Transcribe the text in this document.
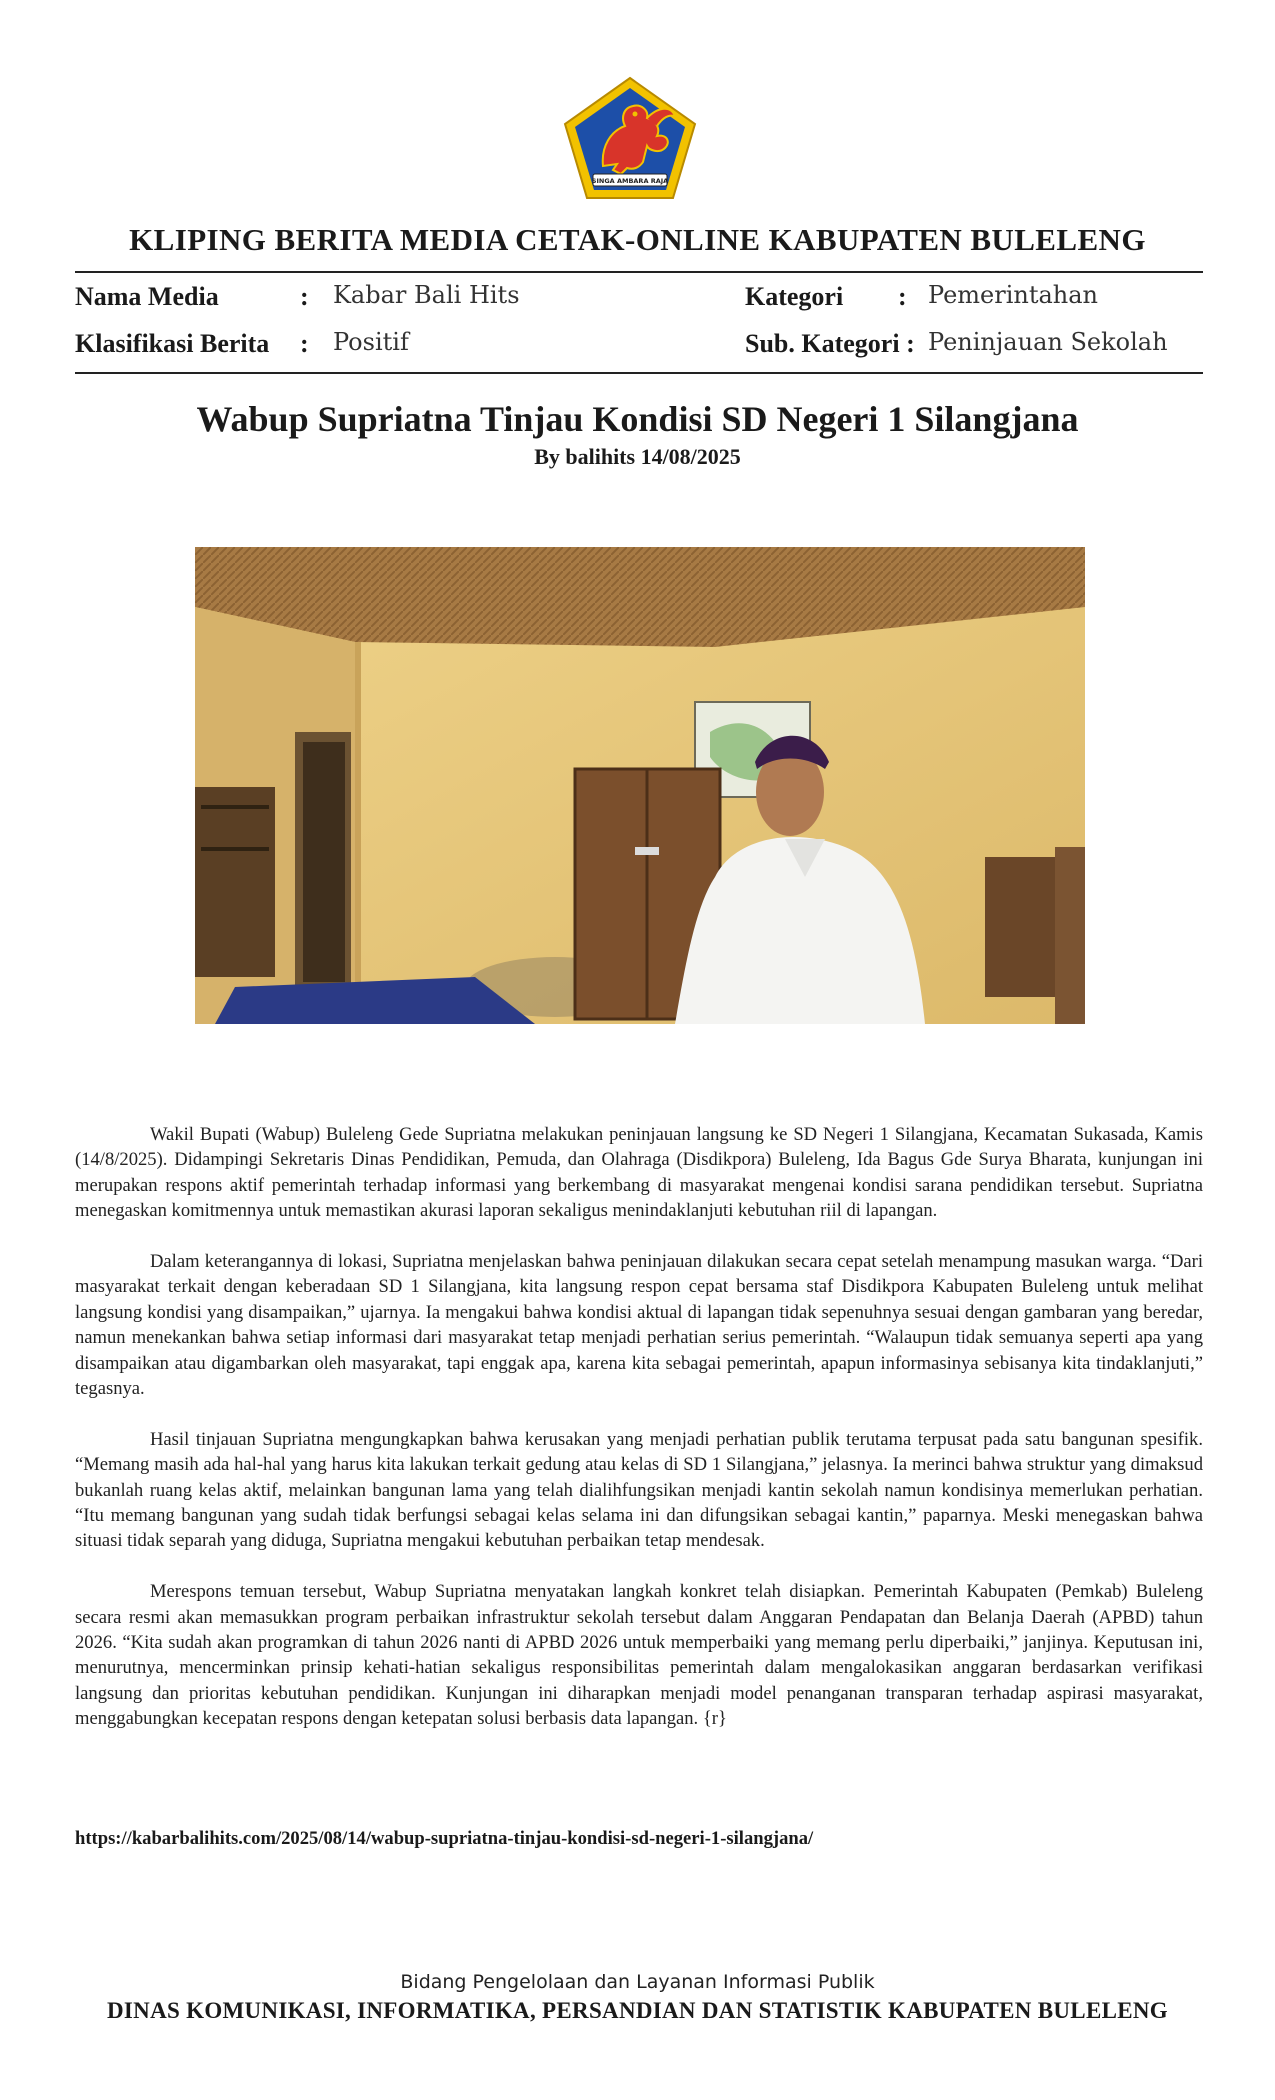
SINGA AMBARA RAJA
KLIPING BERITA MEDIA CETAK-ONLINE KABUPATEN BULELENG
Nama Media	: Kabar Bali Hits	Kategori : Pemerintahan
Klasifikasi Berita : Positif	Sub. Kategori : Peninjauan Sekolah
Wabup Supriatna Tinjau Kondisi SD Negeri 1 Silangjana
By balihits 14/08/2025

Wakil Bupati (Wabup) Buleleng Gede Supriatna melakukan peninjauan langsung ke SD Negeri 1 Silangjana, Kecamatan Sukasada, Kamis (14/8/2025). Didampingi Sekretaris Dinas Pendidikan, Pemuda, dan Olahraga (Disdikpora) Buleleng, Ida Bagus Gde Surya Bharata, kunjungan ini merupakan respons aktif pemerintah terhadap informasi yang berkembang di masyarakat mengenai kondisi sarana pendidikan tersebut. Supriatna menegaskan komitmennya untuk memastikan akurasi laporan sekaligus menindaklanjuti kebutuhan riil di lapangan.

Dalam keterangannya di lokasi, Supriatna menjelaskan bahwa peninjauan dilakukan secara cepat setelah menampung masukan warga. “Dari masyarakat terkait dengan keberadaan SD 1 Silangjana, kita langsung respon cepat bersama staf Disdikpora Kabupaten Buleleng untuk melihat langsung kondisi yang disampaikan,” ujarnya. Ia mengakui bahwa kondisi aktual di lapangan tidak sepenuhnya sesuai dengan gambaran yang beredar, namun menekankan bahwa setiap informasi dari masyarakat tetap menjadi perhatian serius pemerintah. “Walaupun tidak semuanya seperti apa yang disampaikan atau digambarkan oleh masyarakat, tapi enggak apa, karena kita sebagai pemerintah, apapun informasinya sebisanya kita tindaklanjuti,” tegasnya.

Hasil tinjauan Supriatna mengungkapkan bahwa kerusakan yang menjadi perhatian publik terutama terpusat pada satu bangunan spesifik. “Memang masih ada hal-hal yang harus kita lakukan terkait gedung atau kelas di SD 1 Silangjana,” jelasnya. Ia merinci bahwa struktur yang dimaksud bukanlah ruang kelas aktif, melainkan bangunan lama yang telah dialihfungsikan menjadi kantin sekolah namun kondisinya memerlukan perhatian. “Itu memang bangunan yang sudah tidak berfungsi sebagai kelas selama ini dan difungsikan sebagai kantin,” paparnya. Meski menegaskan bahwa situasi tidak separah yang diduga, Supriatna mengakui kebutuhan perbaikan tetap mendesak.

Merespons temuan tersebut, Wabup Supriatna menyatakan langkah konkret telah disiapkan. Pemerintah Kabupaten (Pemkab) Buleleng secara resmi akan memasukkan program perbaikan infrastruktur sekolah tersebut dalam Anggaran Pendapatan dan Belanja Daerah (APBD) tahun 2026. “Kita sudah akan programkan di tahun 2026 nanti di APBD 2026 untuk memperbaiki yang memang perlu diperbaiki,” janjinya. Keputusan ini, menurutnya, mencerminkan prinsip kehati-hatian sekaligus responsibilitas pemerintah dalam mengalokasikan anggaran berdasarkan verifikasi langsung dan prioritas kebutuhan pendidikan. Kunjungan ini diharapkan menjadi model penanganan transparan terhadap aspirasi masyarakat, menggabungkan kecepatan respons dengan ketepatan solusi berbasis data lapangan. {r}

https://kabarbalihits.com/2025/08/14/wabup-supriatna-tinjau-kondisi-sd-negeri-1-silangjana/
Bidang Pengelolaan dan Layanan Informasi Publik
DINAS KOMUNIKASI, INFORMATIKA, PERSANDIAN DAN STATISTIK KABUPATEN BULELENG
